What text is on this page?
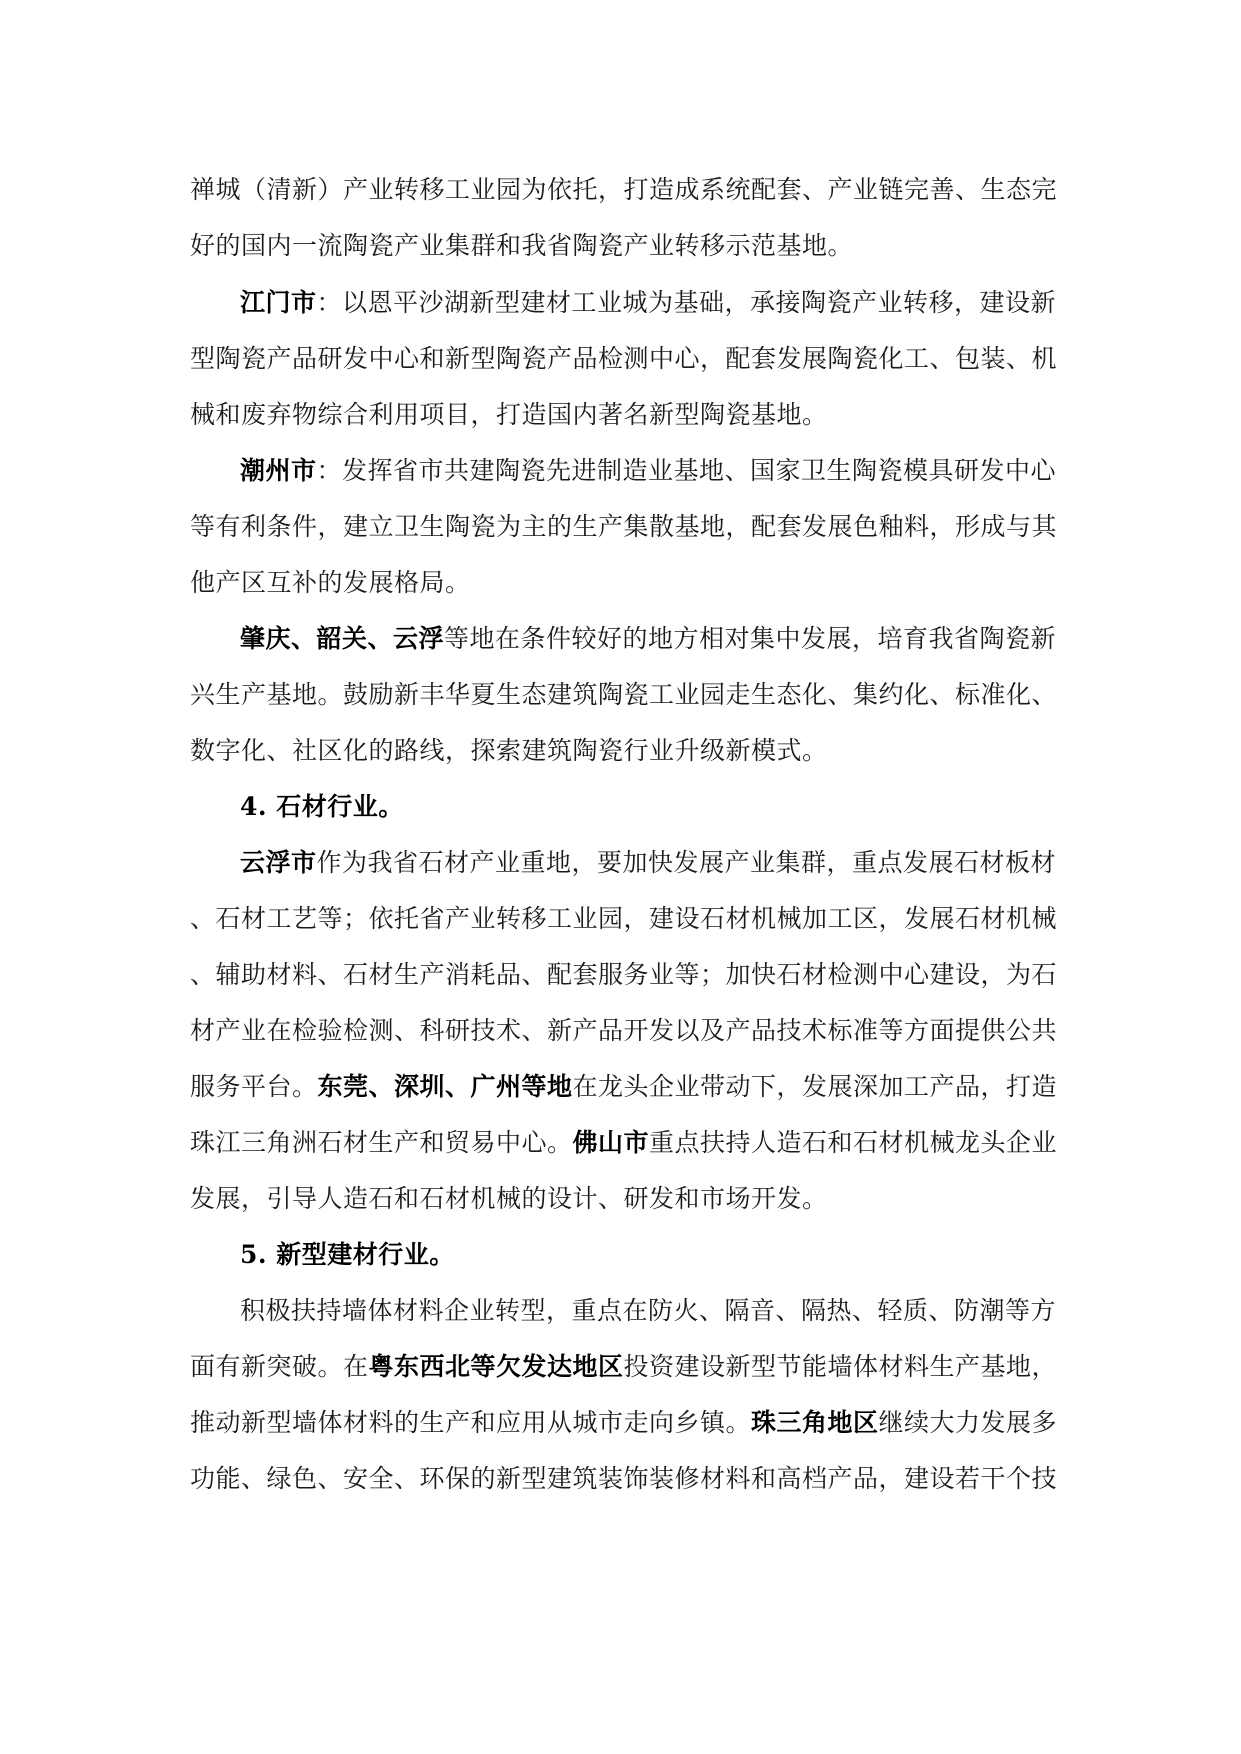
禅城（清新）产业转移工业园为依托，打造成系统配套、产业链完善、生态完
好的国内一流陶瓷产业集群和我省陶瓷产业转移示范基地。
江门市：以恩平沙湖新型建材工业城为基础，承接陶瓷产业转移，建设新
型陶瓷产品研发中心和新型陶瓷产品检测中心，配套发展陶瓷化工、包装、机
械和废弃物综合利用项目，打造国内著名新型陶瓷基地。
潮州市：发挥省市共建陶瓷先进制造业基地、国家卫生陶瓷模具研发中心
等有利条件，建立卫生陶瓷为主的生产集散基地，配套发展色釉料，形成与其
他产区互补的发展格局。
肇庆、韶关、云浮等地在条件较好的地方相对集中发展，培育我省陶瓷新
兴生产基地。鼓励新丰华夏生态建筑陶瓷工业园走生态化、集约化、标准化、
数字化、社区化的路线，探索建筑陶瓷行业升级新模式。
4. 石材行业。
云浮市作为我省石材产业重地，要加快发展产业集群，重点发展石材板材
、石材工艺等；依托省产业转移工业园，建设石材机械加工区，发展石材机械
、辅助材料、石材生产消耗品、配套服务业等；加快石材检测中心建设，为石
材产业在检验检测、科研技术、新产品开发以及产品技术标准等方面提供公共
服务平台。东莞、深圳、广州等地在龙头企业带动下，发展深加工产品，打造
珠江三角洲石材生产和贸易中心。佛山市重点扶持人造石和石材机械龙头企业
发展，引导人造石和石材机械的设计、研发和市场开发。
5. 新型建材行业。
积极扶持墙体材料企业转型，重点在防火、隔音、隔热、轻质、防潮等方
面有新突破。在粤东西北等欠发达地区投资建设新型节能墙体材料生产基地，
推动新型墙体材料的生产和应用从城市走向乡镇。珠三角地区继续大力发展多
功能、绿色、安全、环保的新型建筑装饰装修材料和高档产品，建设若干个技
